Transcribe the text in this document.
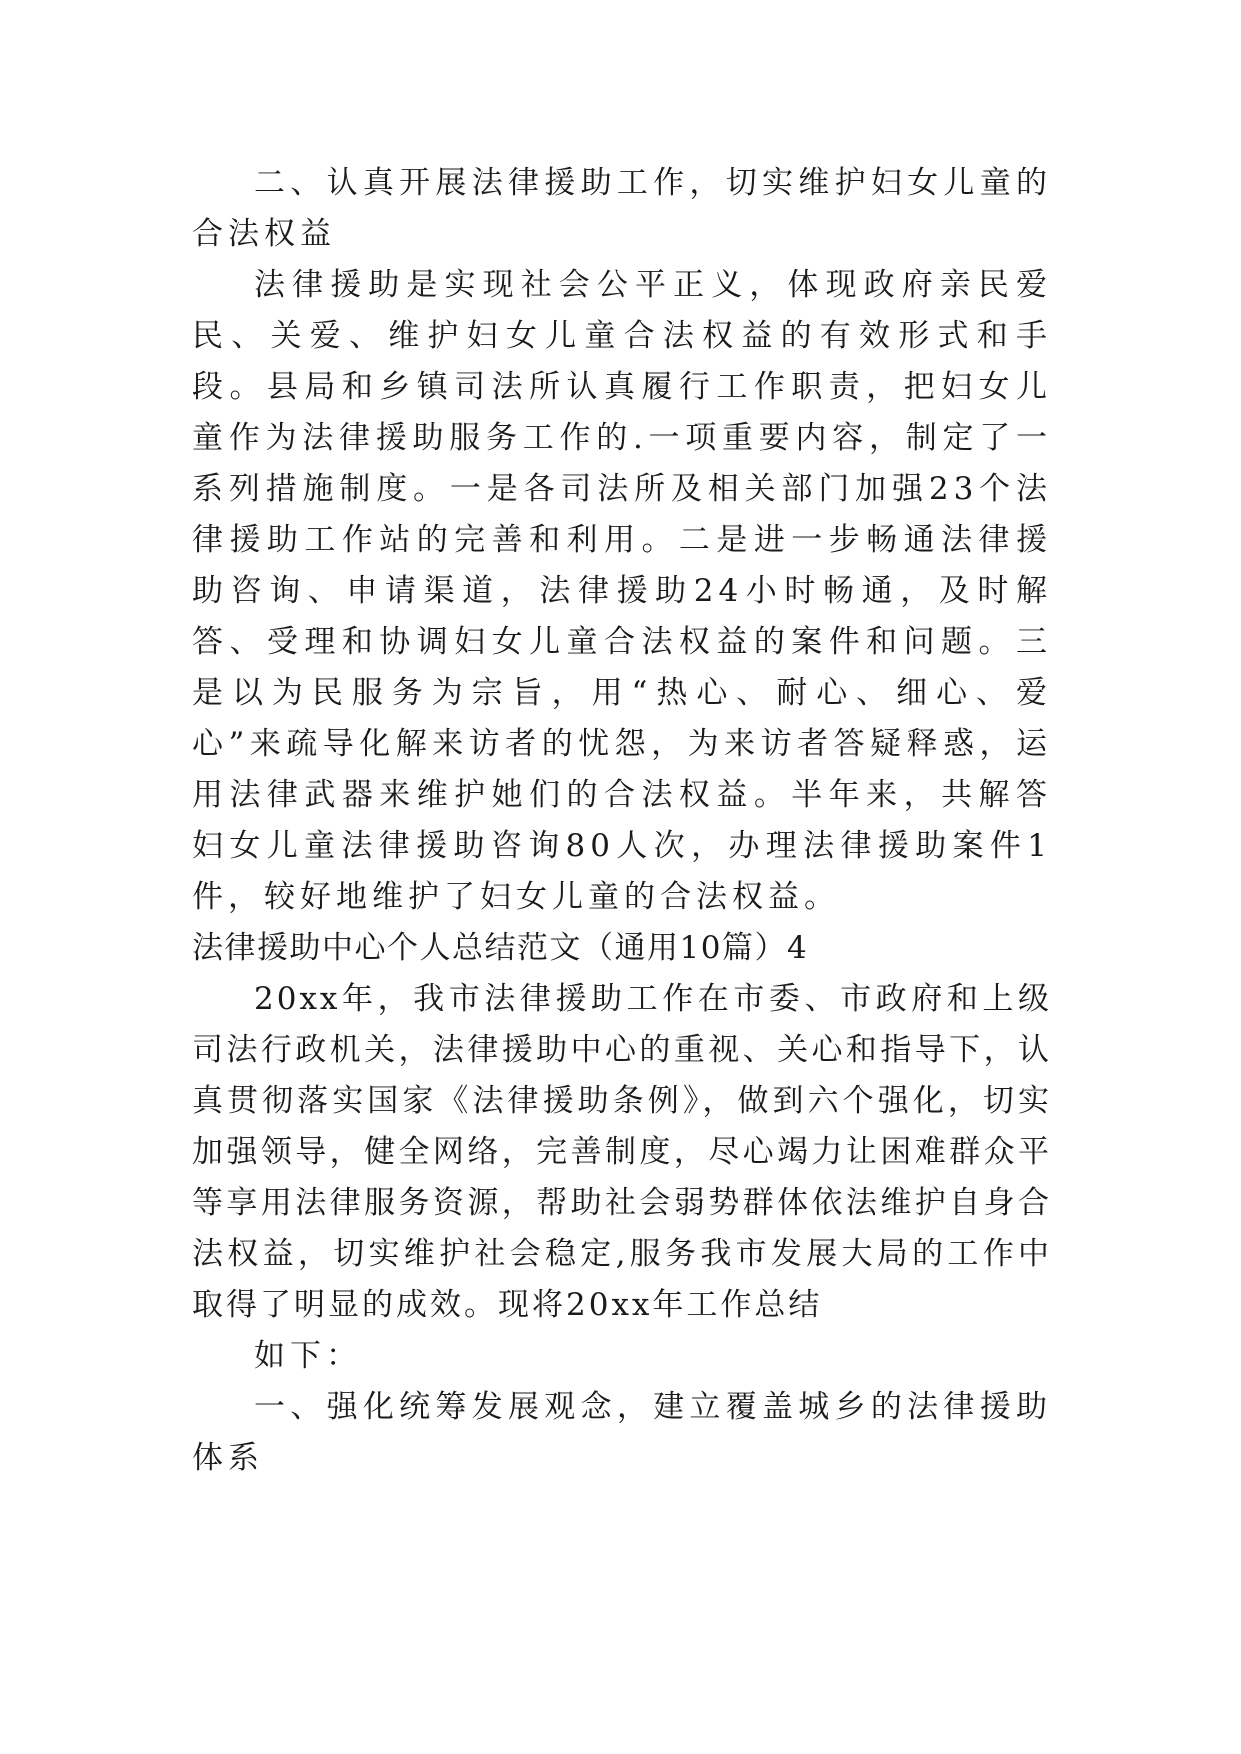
二、认真开展法律援助工作，切实维护妇女儿童的合法权益

法律援助是实现社会公平正义，体现政府亲民爱民、关爱、维护妇女儿童合法权益的有效形式和手段。县局和乡镇司法所认真履行工作职责，把妇女儿童作为法律援助服务工作的.一项重要内容，制定了一系列措施制度。一是各司法所及相关部门加强23个法律援助工作站的完善和利用。二是进一步畅通法律援助咨询、申请渠道，法律援助24小时畅通，及时解答、受理和协调妇女儿童合法权益的案件和问题。三是以为民服务为宗旨，用“热心、耐心、细心、爱心”来疏导化解来访者的忧怨，为来访者答疑释惑，运用法律武器来维护她们的合法权益。半年来，共解答妇女儿童法律援助咨询80人次，办理法律援助案件1件，较好地维护了妇女儿童的合法权益。

法律援助中心个人总结范文（通用10篇）4

20xx年，我市法律援助工作在市委、市政府和上级司法行政机关，法律援助中心的重视、关心和指导下，认真贯彻落实国家《法律援助条例》，做到六个强化，切实加强领导，健全网络，完善制度，尽心竭力让困难群众平等享用法律服务资源，帮助社会弱势群体依法维护自身合法权益，切实维护社会稳定,服务我市发展大局的工作中取得了明显的成效。现将20xx年工作总结

如下：

一、强化统筹发展观念，建立覆盖城乡的法律援助体系
